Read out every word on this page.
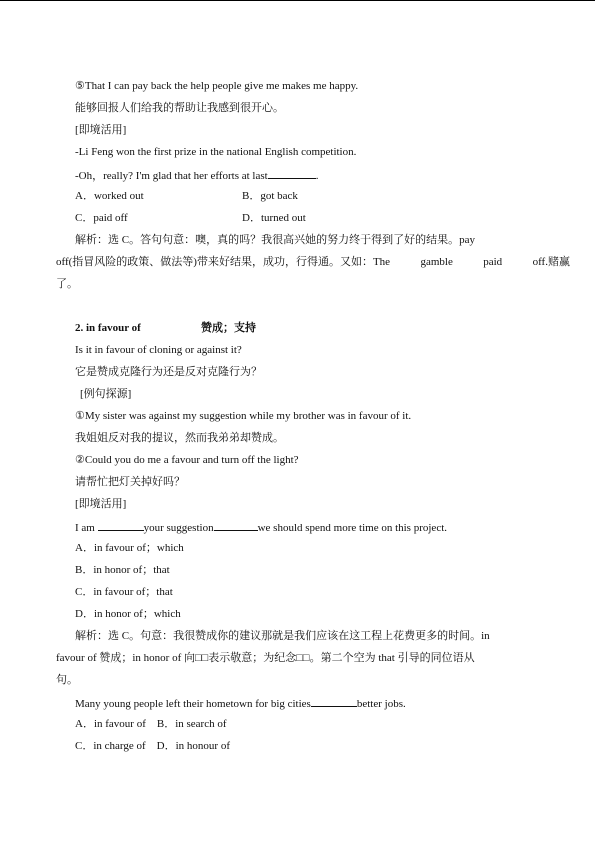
⑤That I can pay back the help people give me makes me happy.
能够回报人们给我的帮助让我感到很开心。
[即境活用]
-Li Feng won the first prize in the national English competition.
-Oh，really? I'm glad that her efforts at last	.
A．worked out	B．got back
C．paid off	D．turned out
解析：选 C。答句句意：噢，真的吗？我很高兴她的努力终于得到了好的结果。pay
off(指冒风险的政策、做法等)带来好结果，成功，行得通。又如：The	gamble	paid	off.赌赢
了。
2. in favour of	赞成；支持
Is it in favour of cloning or against it?
它是赞成克隆行为还是反对克隆行为？
[例句探源]
①My sister was against my suggestion while my brother was in favour of it.
我姐姐反对我的提议，然而我弟弟却赞成。
②Could you do me a favour and turn off the light?
请帮忙把灯关掉好吗？
[即境活用]
I am	your suggestion	we should spend more time on this project.
A．in favour of；which
B．in honor of；that
C．in favour of；that
D．in honor of；which
解析：选 C。句意：我很赞成你的建议那就是我们应该在这工程上花费更多的时间。in
favour of 赞成；in honor of 向□□表示敬意；为纪念□□。第二个空为 that 引导的同位语从
句。
Many young people left their hometown for big cities	better jobs.
A．in favour of    B．in search of
C．in charge of    D．in honour of
